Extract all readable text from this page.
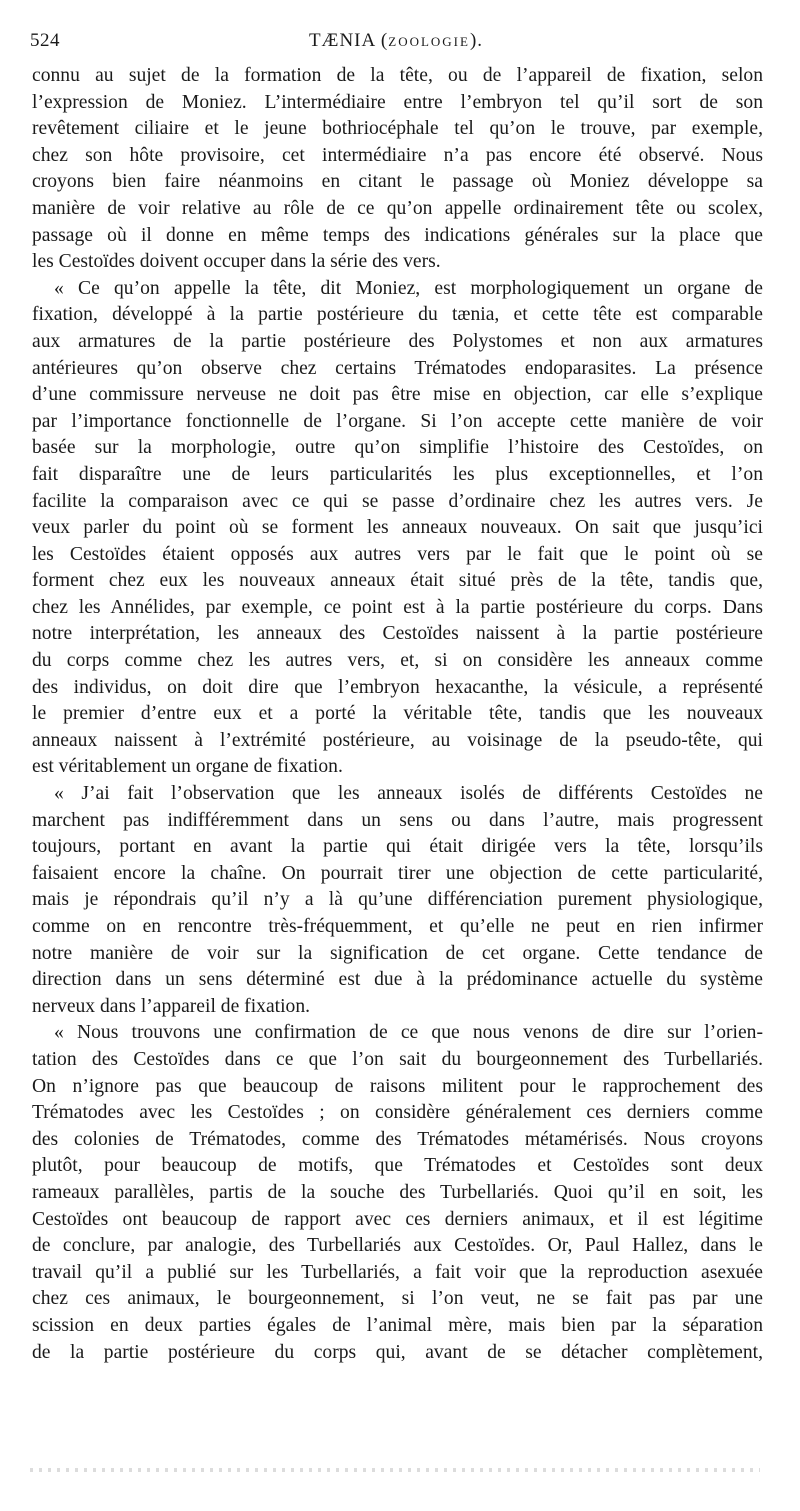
524	TÆNIA (ZOOLOGIE).
connu au sujet de la formation de la tête, ou de l’appareil de fixation, selon
l’expression de Moniez. L’intermédiaire entre l’embryon tel qu’il sort de son
revêtement ciliaire et le jeune bothriocéphale tel qu’on le trouve, par exemple,
chez son hôte provisoire, cet intermédiaire n’a pas encore été observé. Nous
croyons bien faire néanmoins en citant le passage où Moniez développe sa
manière de voir relative au rôle de ce qu’on appelle ordinairement tête ou scolex,
passage où il donne en même temps des indications générales sur la place que
les Cestoïdes doivent occuper dans la série des vers.
« Ce qu’on appelle la tête, dit Moniez, est morphologiquement un organe de
fixation, développé à la partie postérieure du tænia, et cette tête est comparable
aux armatures de la partie postérieure des Polystomes et non aux armatures
antérieures qu’on observe chez certains Trématodes endoparasites. La présence
d’une commissure nerveuse ne doit pas être mise en objection, car elle s’explique
par l’importance fonctionnelle de l’organe. Si l’on accepte cette manière de voir
basée sur la morphologie, outre qu’on simplifie l’histoire des Cestoïdes, on
fait disparaître une de leurs particularités les plus exceptionnelles, et l’on
facilite la comparaison avec ce qui se passe d’ordinaire chez les autres vers. Je
veux parler du point où se forment les anneaux nouveaux. On sait que jusqu’ici
les Cestoïdes étaient opposés aux autres vers par le fait que le point où se
forment chez eux les nouveaux anneaux était situé près de la tête, tandis que,
chez les Annélides, par exemple, ce point est à la partie postérieure du corps. Dans
notre interprétation, les anneaux des Cestoïdes naissent à la partie postérieure
du corps comme chez les autres vers, et, si on considère les anneaux comme
des individus, on doit dire que l’embryon hexacanthe, la vésicule, a représenté
le premier d’entre eux et a porté la véritable tête, tandis que les nouveaux
anneaux naissent à l’extrémité postérieure, au voisinage de la pseudo-tête, qui
est véritablement un organe de fixation.
« J’ai fait l’observation que les anneaux isolés de différents Cestoïdes ne
marchent pas indifféremment dans un sens ou dans l’autre, mais progressent
toujours, portant en avant la partie qui était dirigée vers la tête, lorsqu’ils
faisaient encore la chaîne. On pourrait tirer une objection de cette particularité,
mais je répondrais qu’il n’y a là qu’une différenciation purement physiologique,
comme on en rencontre très-fréquemment, et qu’elle ne peut en rien infirmer
notre manière de voir sur la signification de cet organe. Cette tendance de
direction dans un sens déterminé est due à la prédominance actuelle du système
nerveux dans l’appareil de fixation.
« Nous trouvons une confirmation de ce que nous venons de dire sur l’orien-
tation des Cestoïdes dans ce que l’on sait du bourgeonnement des Turbellariés.
On n’ignore pas que beaucoup de raisons militent pour le rapprochement des
Trématodes avec les Cestoïdes ; on considère généralement ces derniers comme
des colonies de Trématodes, comme des Trématodes métamérisés. Nous croyons
plutôt, pour beaucoup de motifs, que Trématodes et Cestoïdes sont deux
rameaux parallèles, partis de la souche des Turbellariés. Quoi qu’il en soit, les
Cestoïdes ont beaucoup de rapport avec ces derniers animaux, et il est légitime
de conclure, par analogie, des Turbellariés aux Cestoïdes. Or, Paul Hallez, dans le
travail qu’il a publié sur les Turbellariés, a fait voir que la reproduction asexuée
chez ces animaux, le bourgeonnement, si l’on veut, ne se fait pas par une
scission en deux parties égales de l’animal mère, mais bien par la séparation
de la partie postérieure du corps qui, avant de se détacher complètement,
